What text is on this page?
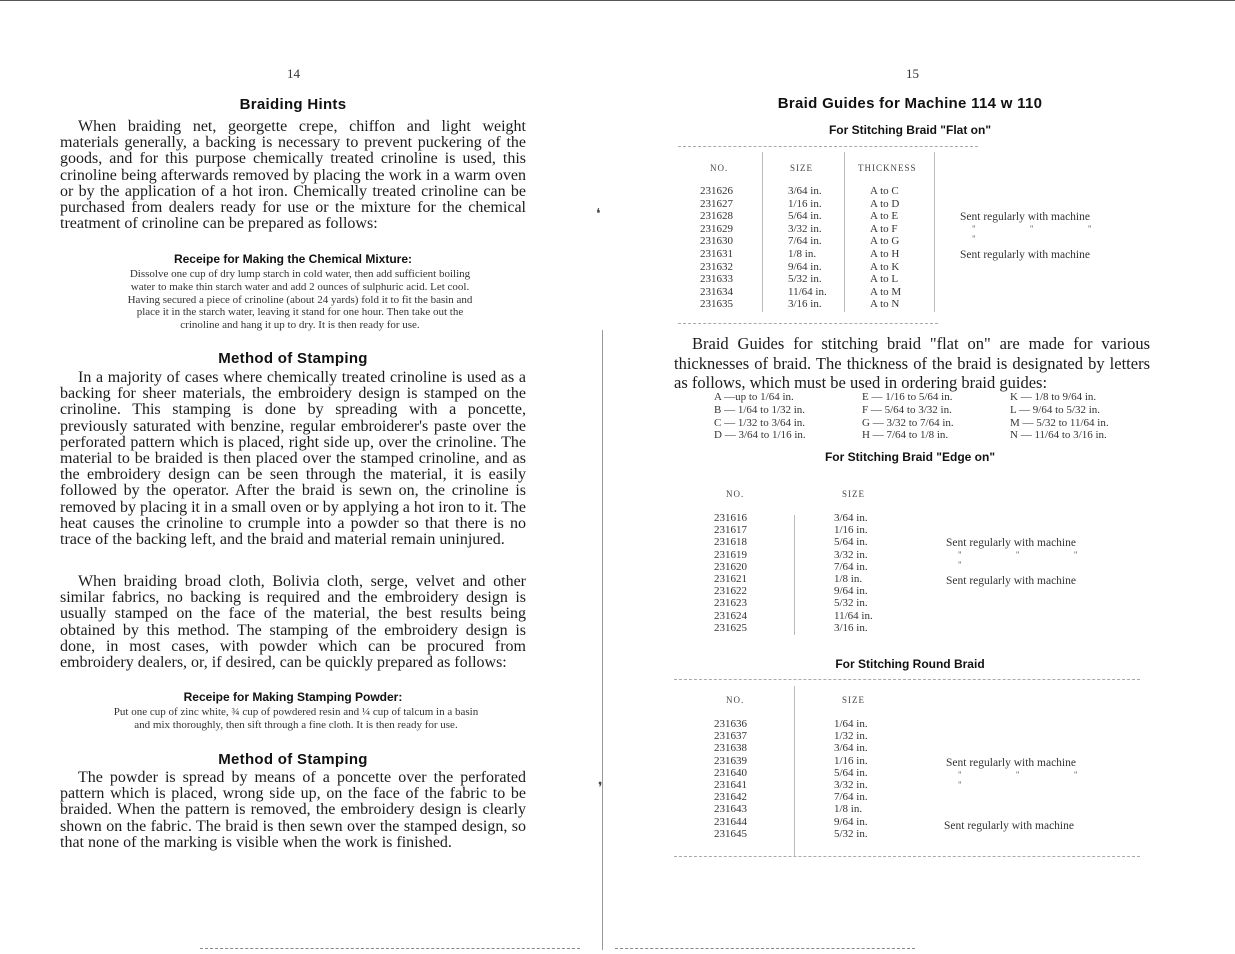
❛
❜
14
Braiding Hints

When braiding net, georgette crepe, chiffon and light weight materials generally, a backing is necessary to prevent puckering of the goods, and for this purpose chemically treated crinoline is used, this crinoline being afterwards removed by placing the work in a warm oven or by the application of a hot iron. Chemically treated crinoline can be purchased from dealers ready for use or the mixture for the chemical treatment of crinoline can be prepared as follows:

Receipe for Making the Chemical Mixture:

Dissolve one cup of dry lump starch in cold water, then add sufficient boiling water to make thin starch water and add 2 ounces of sulphuric acid. Let cool. Having secured a piece of crinoline (about 24 yards) fold it to fit the basin and place it in the starch water, leaving it stand for one hour. Then take out the crinoline and hang it up to dry. It is then ready for use.

Method of Stamping

In a majority of cases where chemically treated crinoline is used as a backing for sheer materials, the embroidery design is stamped on the crinoline. This stamping is done by spreading with a poncette, previously saturated with benzine, regular embroiderer's paste over the perforated pattern which is placed, right side up, over the crinoline. The material to be braided is then placed over the stamped crinoline, and as the embroidery design can be seen through the material, it is easily followed by the operator. After the braid is sewn on, the crinoline is removed by placing it in a small oven or by applying a hot iron to it. The heat causes the crinoline to crumple into a powder so that there is no trace of the backing left, and the braid and material remain uninjured.

When braiding broad cloth, Bolivia cloth, serge, velvet and other similar fabrics, no backing is required and the embroidery design is usually stamped on the face of the material, the best results being obtained by this method. The stamping of the embroidery design is done, in most cases, with powder which can be procured from embroidery dealers, or, if desired, can be quickly prepared as follows:

Receipe for Making Stamping Powder:

Put one cup of zinc white, ¾ cup of powdered resin and ¼ cup of talcum in a basin and mix thoroughly, then sift through a fine cloth. It is then ready for use.

Method of Stamping

The powder is spread by means of a poncette over the perforated pattern which is placed, wrong side up, on the face of the fabric to be braided. When the pattern is removed, the embroidery design is clearly shown on the fabric. The braid is then sewn over the stamped design, so that none of the marking is visible when the work is finished.

15
Braid Guides for Machine 114 w 110
For Stitching Braid "Flat on"
NO.	SIZE	THICKNESS
231626	3/64 in.	A to C
231627	1/16 in.	A to D
231628	5/64 in.	A to E
231629	3/32 in.	A to F
231630	7/64 in.	A to G
231631	1/8 in.	A to H
231632	9/64 in.	A to K
231633	5/32 in.	A to L
231634	11/64 in.	A to M
231635	3/16 in.	A to N
Sent regularly with machine
" " " "
Sent regularly with machine

Braid Guides for stitching braid "flat on" are made for various thicknesses of braid. The thickness of the braid is designated by letters as follows, which must be used in ordering braid guides:

A —up to 1/64 in.	E — 1/16 to 5/64 in.	K — 1/8 to 9/64 in.
B — 1/64 to 1/32 in.	F — 5/64 to 3/32 in.	L — 9/64 to 5/32 in.
C — 1/32 to 3/64 in.	G — 3/32 to 7/64 in.	M — 5/32 to 11/64 in.
D — 3/64 to 1/16 in.	H — 7/64 to 1/8 in.	N — 11/64 to 3/16 in.
For Stitching Braid "Edge on"
NO.	SIZE
231616	3/64 in.
231617	1/16 in.
231618	5/64 in.
231619	3/32 in.
231620	7/64 in.
231621	1/8 in.
231622	9/64 in.
231623	5/32 in.
231624	11/64 in.
231625	3/16 in.
Sent regularly with machine
" " " "
Sent regularly with machine
For Stitching Round Braid
NO.	SIZE
231636	1/64 in.
231637	1/32 in.
231638	3/64 in.
231639	1/16 in.
231640	5/64 in.
231641	3/32 in.
231642	7/64 in.
231643	1/8 in.
231644	9/64 in.
231645	5/32 in.
Sent regularly with machine
" " " "
Sent regularly with machine
